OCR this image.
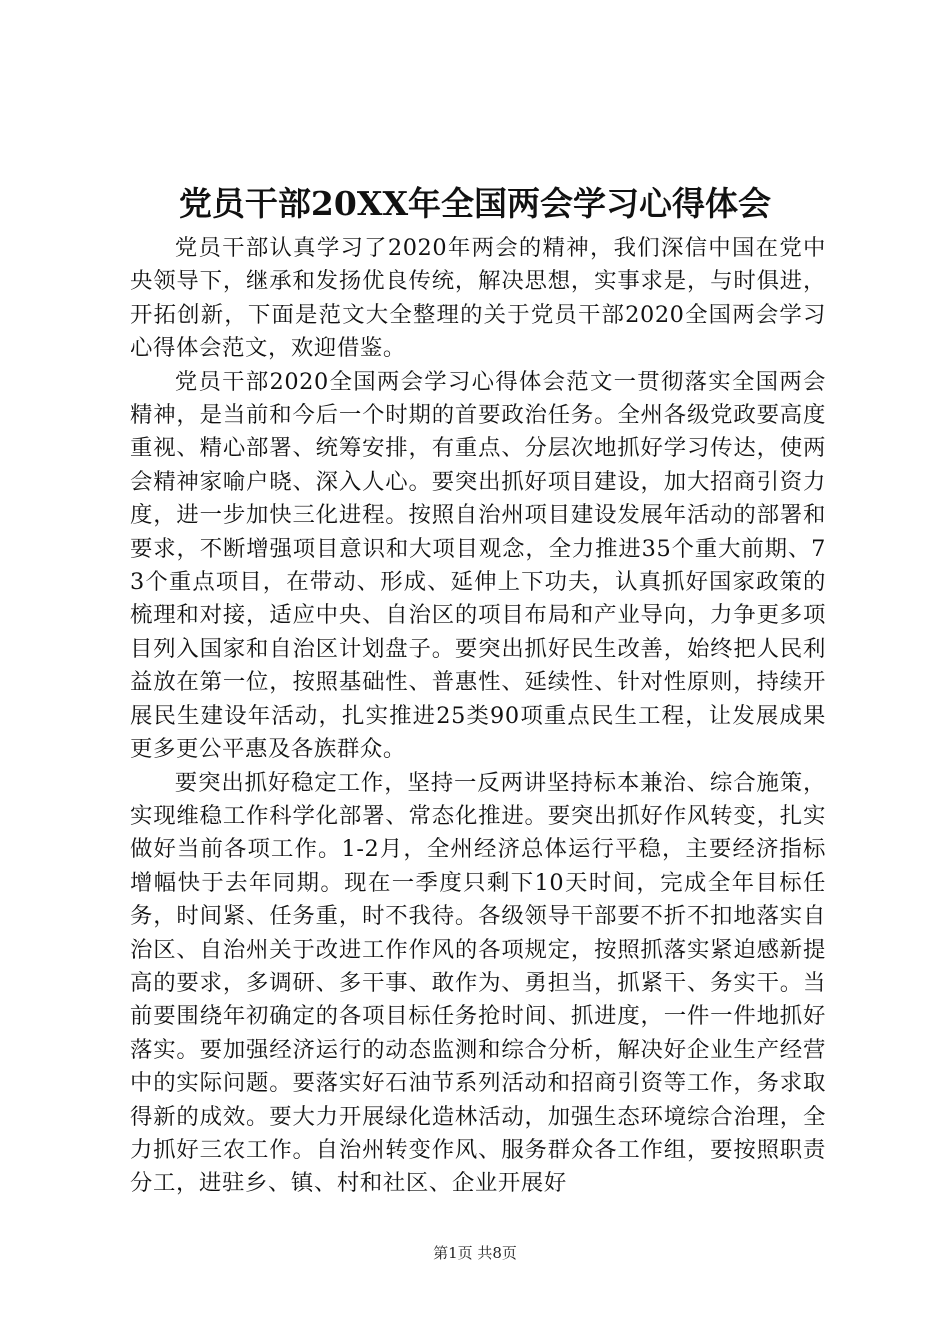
党员干部20XX年全国两会学习心得体会

党员干部认真学习了2020年两会的精神，我们深信中国在党中央领导下，继承和发扬优良传统，解决思想，实事求是，与时俱进，开拓创新，下面是范文大全整理的关于党员干部2020全国两会学习心得体会范文，欢迎借鉴。

党员干部2020全国两会学习心得体会范文一贯彻落实全国两会精神，是当前和今后一个时期的首要政治任务。全州各级党政要高度重视、精心部署、统筹安排，有重点、分层次地抓好学习传达，使两会精神家喻户晓、深入人心。要突出抓好项目建设，加大招商引资力度，进一步加快三化进程。按照自治州项目建设发展年活动的部署和要求，不断增强项目意识和大项目观念，全力推进35个重大前期、73个重点项目，在带动、形成、延伸上下功夫，认真抓好国家政策的梳理和对接，适应中央、自治区的项目布局和产业导向，力争更多项目列入国家和自治区计划盘子。要突出抓好民生改善，始终把人民利益放在第一位，按照基础性、普惠性、延续性、针对性原则，持续开展民生建设年活动，扎实推进25类90项重点民生工程，让发展成果更多更公平惠及各族群众。

要突出抓好稳定工作，坚持一反两讲坚持标本兼治、综合施策，实现维稳工作科学化部署、常态化推进。要突出抓好作风转变，扎实做好当前各项工作。1-2月，全州经济总体运行平稳，主要经济指标增幅快于去年同期。现在一季度只剩下10天时间，完成全年目标任务，时间紧、任务重，时不我待。各级领导干部要不折不扣地落实自治区、自治州关于改进工作作风的各项规定，按照抓落实紧迫感新提高的要求，多调研、多干事、敢作为、勇担当，抓紧干、务实干。当前要围绕年初确定的各项目标任务抢时间、抓进度，一件一件地抓好落实。要加强经济运行的动态监测和综合分析，解决好企业生产经营中的实际问题。要落实好石油节系列活动和招商引资等工作，务求取得新的成效。要大力开展绿化造林活动，加强生态环境综合治理，全力抓好三农工作。自治州转变作风、服务群众各工作组，要按照职责分工，进驻乡、镇、村和社区、企业开展好

第1页 共8页
